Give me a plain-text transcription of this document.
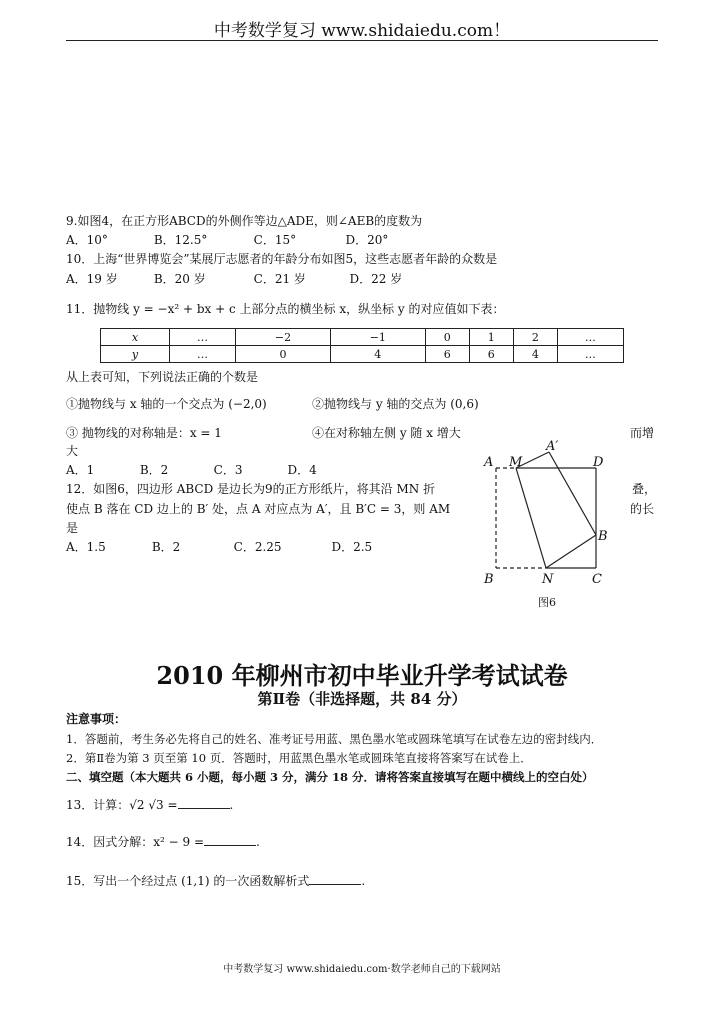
中考数学复习 www.shidaiedu.com！
9.如图4，在正方形ABCD的外侧作等边△ADE，则∠AEB的度数为
A．10°	B．12.5°	C．15°	D．20°
10．上海“世界博览会”某展厅志愿者的年龄分布如图5，这些志愿者年龄的众数是
A．19 岁	B．20 岁	C．21 岁	D．22 岁
11．抛物线 y = −x² + bx + c 上部分点的横坐标 x，纵坐标 y 的对应值如下表：
x	…	−2	−1	0	1	2	…
y	…	0	4	6	6	4	…
从上表可知，下列说法正确的个数是
①抛物线与 x 轴的一个交点为 (−2,0)	②抛物线与 y 轴的交点为 (0,6)
③ 抛物线的对称轴是：x = 1	④在对称轴左侧 y 随 x 增大	而增
大
A．1	B．2	C．3	D．4
12．如图6，四边形 ABCD 是边长为9的正方形纸片，将其沿 MN 折	叠，
使点 B 落在 CD 边上的 B′ 处，点 A 对应点为 A′，且 B′C = 3，则 AM	的长
是
A．1.5	B．2	C．2.25	D．2.5
A M
A′
D
B
B	N	C
图6
2010 年柳州市初中毕业升学考试试卷
第Ⅱ卷（非选择题，共 84 分）
注意事项：
1．答题前，考生务必先将自己的姓名、准考证号用蓝、黑色墨水笔或圆珠笔填写在试卷左边的密封线内．
2．第Ⅱ卷为第 3 页至第 10 页．答题时，用蓝黑色墨水笔或圆珠笔直接将答案写在试卷上．
二、填空题（本大题共 6 小题，每小题 3 分，满分 18 分．请将答案直接填写在题中横线上的空白处）
13．计算：√2 √3 =	.
14．因式分解：x² − 9 =	.
15．写出一个经过点 (1,1) 的一次函数解析式	.
中考数学复习 www.shidaiedu.com·数学老师自己的下载网站
